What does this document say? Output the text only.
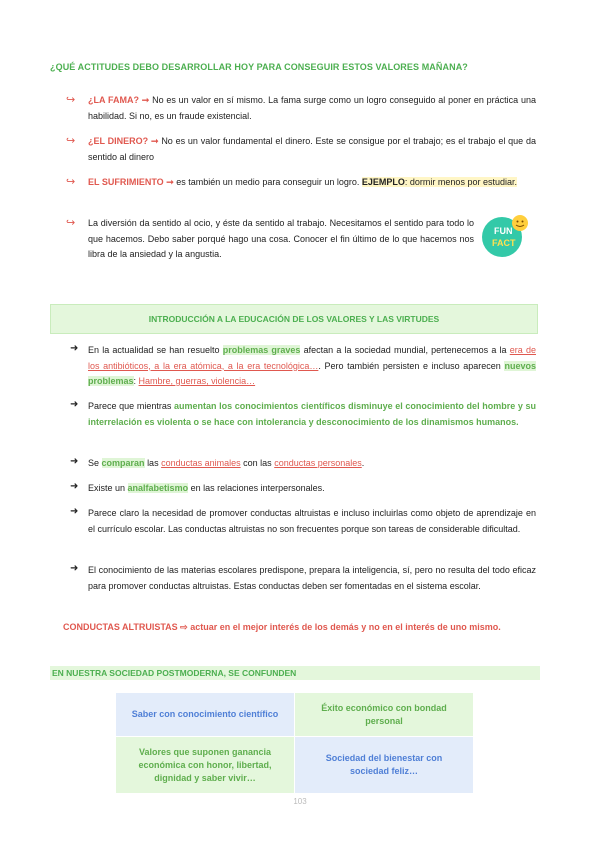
¿QUÉ ACTITUDES DEBO DESARROLLAR HOY PARA CONSEGUIR ESTOS VALORES MAÑANA?
↪ ¿LA FAMA? ➞ No es un valor en sí mismo. La fama surge como un logro conseguido al poner en práctica una habilidad. Si no, es un fraude existencial.
↪ ¿EL DINERO? ➞ No es un valor fundamental el dinero. Este se consigue por el trabajo; es el trabajo el que da sentido al dinero
↪ EL SUFRIMIENTO ➞ es también un medio para conseguir un logro. EJEMPLO: dormir menos por estudiar.
↪ La diversión da sentido al ocio, y éste da sentido al trabajo. Necesitamos el sentido para todo lo que hacemos. Debo saber porqué hago una cosa. Conocer el fin último de lo que hacemos nos libra de la ansiedad y la angustia.
FUN
FACT
INTRODUCCIÓN A LA EDUCACIÓN DE LOS VALORES Y LAS VIRTUDES
➜ En la actualidad se han resuelto problemas graves afectan a la sociedad mundial, pertenecemos a la era de los antibióticos, a la era atómica, a la era tecnológica…. Pero también persisten e incluso aparecen nuevos problemas: Hambre, guerras, violencia…
➜ Parece que mientras aumentan los conocimientos científicos disminuye el conocimiento del hombre y su interrelación es violenta o se hace con intolerancia y desconocimiento de los dinamismos humanos.
➜ Se comparan las conductas animales con las conductas personales.
➜ Existe un analfabetismo en las relaciones interpersonales.
➜ Parece claro la necesidad de promover conductas altruistas e incluso incluirlas como objeto de aprendizaje en el currículo escolar. Las conductas altruistas no son frecuentes porque son tareas de considerable dificultad.
➜ El conocimiento de las materias escolares predispone, prepara la inteligencia, sí, pero no resulta del todo eficaz para promover conductas altruistas. Estas conductas deben ser fomentadas en el sistema escolar.
CONDUCTAS ALTRUISTAS ⇨ actuar en el mejor interés de los demás y no en el interés de uno mismo.
EN NUESTRA SOCIEDAD POSTMODERNA, SE CONFUNDEN
Saber con conocimiento científico
Éxito económico con bondad personal
Valores que suponen ganancia económica con honor, libertad, dignidad y saber vivir…
Sociedad del bienestar con sociedad feliz…
103
